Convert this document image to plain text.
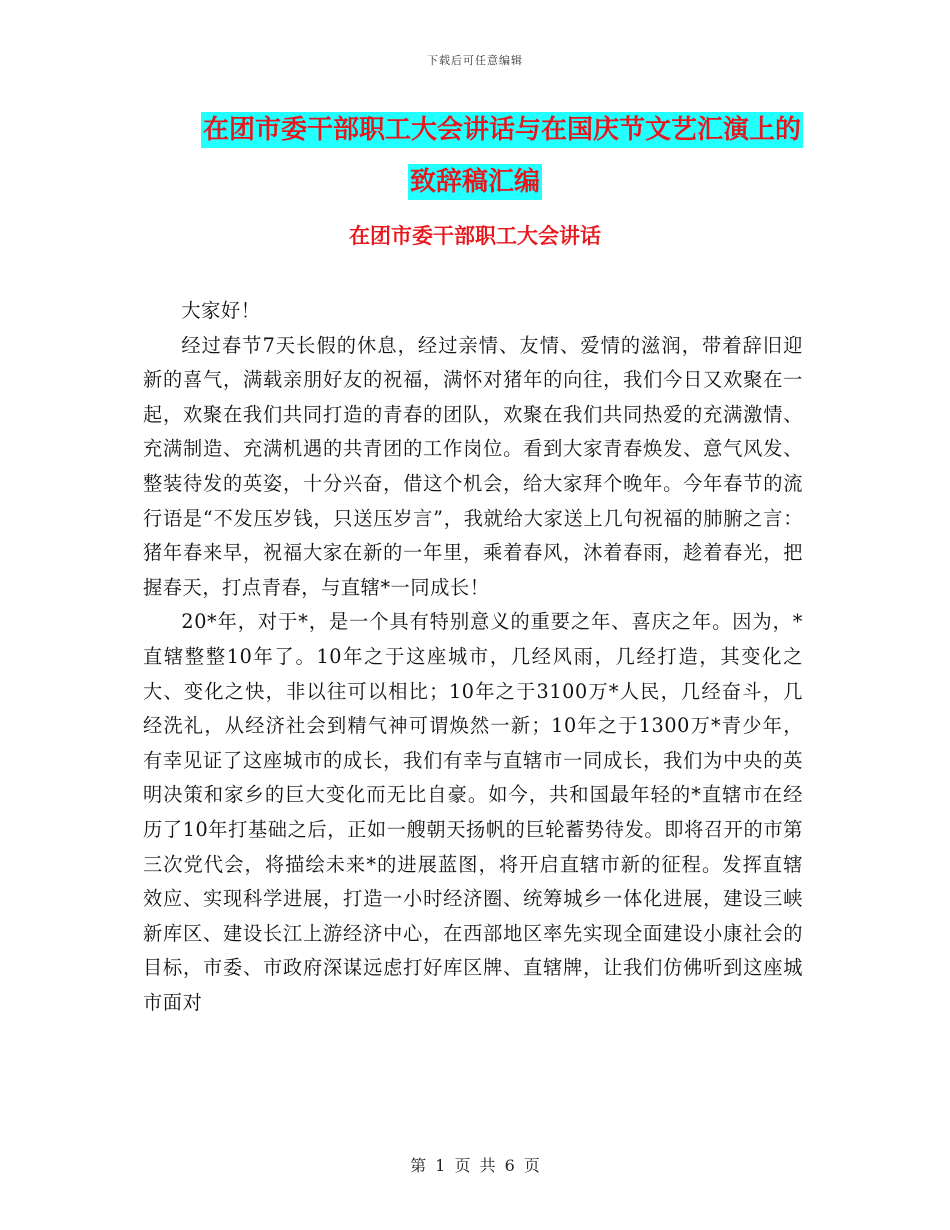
下载后可任意编辑
在团市委干部职工大会讲话与在国庆节文艺汇演上的
致辞稿汇编
在团市委干部职工大会讲话

大家好！

经过春节7天长假的休息，经过亲情、友情、爱情的滋润，带着辞旧迎新的喜气，满载亲朋好友的祝福，满怀对猪年的向往，我们今日又欢聚在一起，欢聚在我们共同打造的青春的团队，欢聚在我们共同热爱的充满激情、充满制造、充满机遇的共青团的工作岗位。看到大家青春焕发、意气风发、整装待发的英姿，十分兴奋，借这个机会，给大家拜个晚年。今年春节的流行语是“不发压岁钱，只送压岁言”，我就给大家送上几句祝福的肺腑之言：猪年春来早，祝福大家在新的一年里，乘着春风，沐着春雨，趁着春光，把握春天，打点青春，与直辖*一同成长！

20*年，对于*，是一个具有特别意义的重要之年、喜庆之年。因为，*直辖整整10年了。10年之于这座城市，几经风雨，几经打造，其变化之大、变化之快，非以往可以相比；10年之于3100万*人民，几经奋斗，几经洗礼，从经济社会到精气神可谓焕然一新；10年之于1300万*青少年，有幸见证了这座城市的成长，我们有幸与直辖市一同成长，我们为中央的英明决策和家乡的巨大变化而无比自豪。如今，共和国最年轻的*直辖市在经历了10年打基础之后，正如一艘朝天扬帆的巨轮蓄势待发。即将召开的市第三次党代会，将描绘未来*的进展蓝图，将开启直辖市新的征程。发挥直辖效应、实现科学进展，打造一小时经济圈、统筹城乡一体化进展，建设三峡新库区、建设长江上游经济中心，在西部地区率先实现全面建设小康社会的目标，市委、市政府深谋远虑打好库区牌、直辖牌，让我们仿佛听到这座城市面对

第 1 页 共 6 页
